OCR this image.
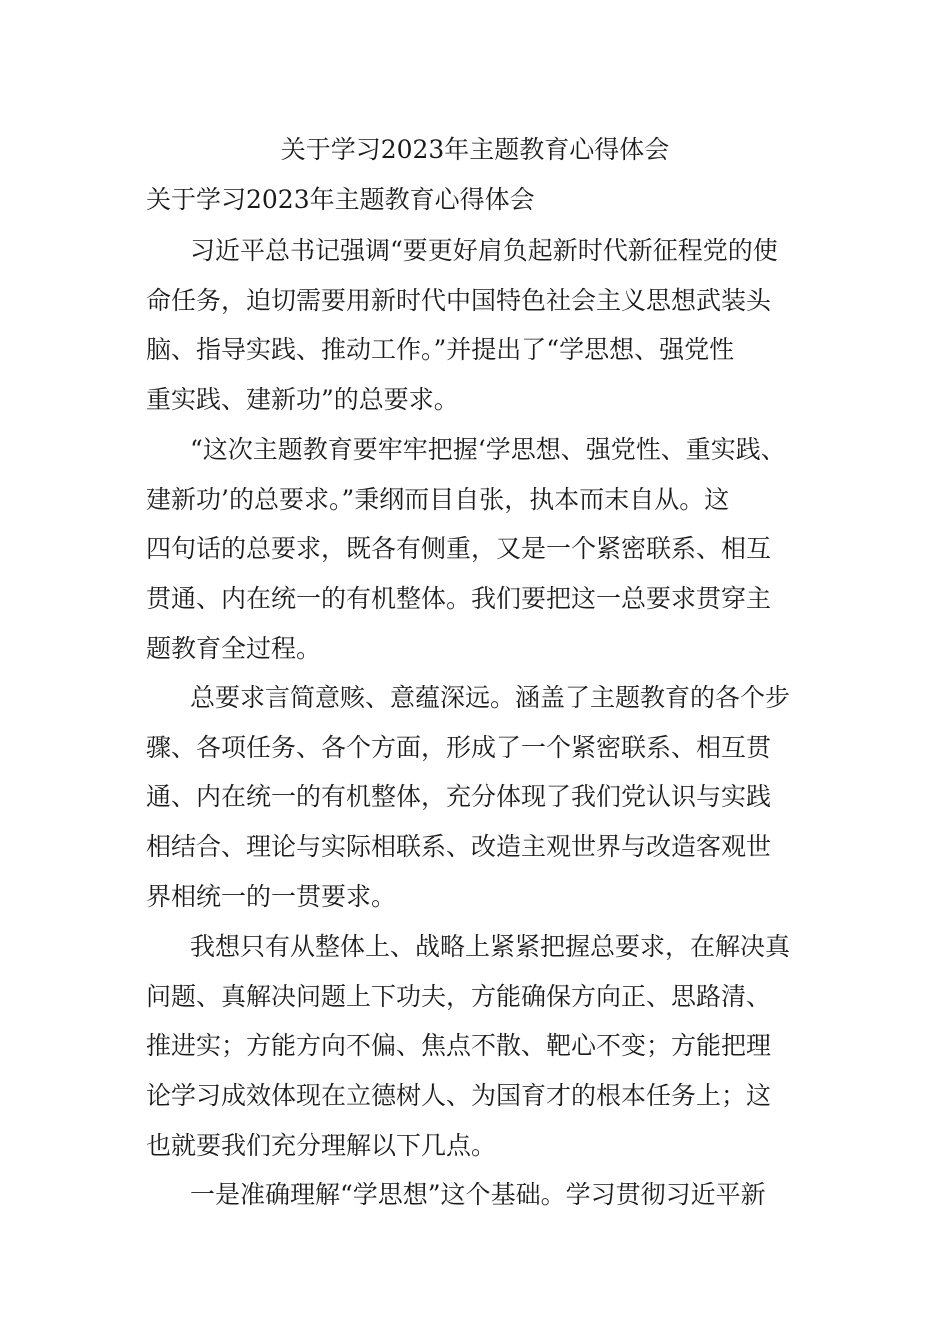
关于学习2023年主题教育心得体会
关于学习2023年主题教育心得体会
习近平总书记强调“要更好肩负起新时代新征程党的使
命任务，迫切需要用新时代中国特色社会主义思想武装头
脑、指导实践、推动工作。”并提出了“学思想、强党性
重实践、建新功”的总要求。
“这次主题教育要牢牢把握‘学思想、强党性、重实践、
建新功’的总要求。”秉纲而目自张，执本而末自从。这
四句话的总要求，既各有侧重，又是一个紧密联系、相互
贯通、内在统一的有机整体。我们要把这一总要求贯穿主
题教育全过程。
总要求言简意赅、意蕴深远。涵盖了主题教育的各个步
骤、各项任务、各个方面，形成了一个紧密联系、相互贯
通、内在统一的有机整体，充分体现了我们党认识与实践
相结合、理论与实际相联系、改造主观世界与改造客观世
界相统一的一贯要求。
我想只有从整体上、战略上紧紧把握总要求，在解决真
问题、真解决问题上下功夫，方能确保方向正、思路清、
推进实；方能方向不偏、焦点不散、靶心不变；方能把理
论学习成效体现在立德树人、为国育才的根本任务上；这
也就要我们充分理解以下几点。
一是准确理解“学思想”这个基础。学习贯彻习近平新
